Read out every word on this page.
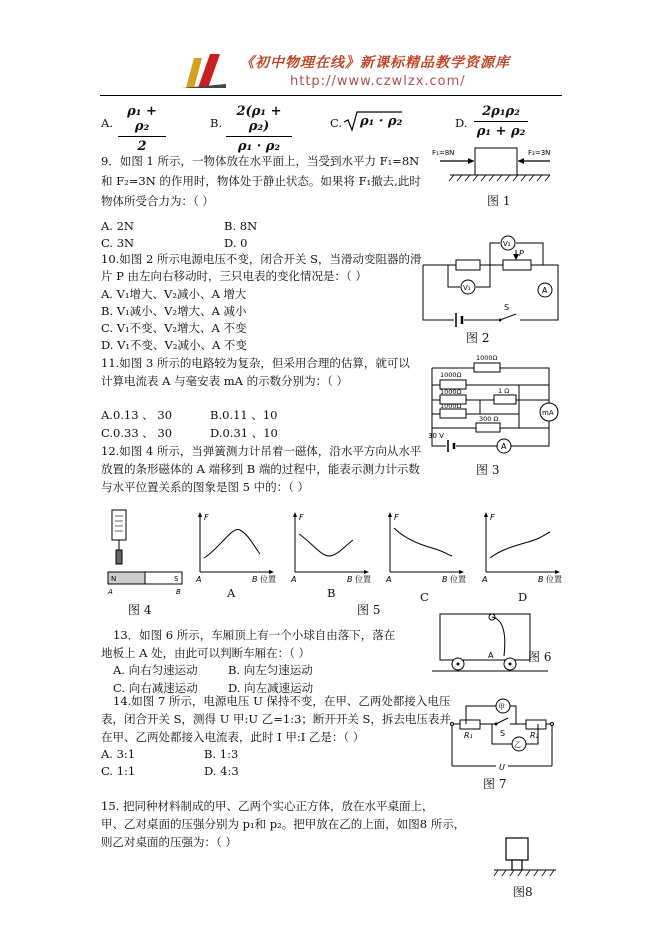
《初中物理在线》新课标精品教学资源库
http://www.czwlzx.com/
A.
ρ₁ + ρ₂
2
B.
2(ρ₁ + ρ₂)
ρ₁ · ρ₂
C. ρ₁ · ρ₂	D.
2ρ₁ρ₂
ρ₁ + ρ₂
9．如图 1 所示，一物体放在水平面上，当受到水平力 F₁=8N
和 F₂=3N 的作用时，物体处于静止状态。如果将 F₁撤去,此时
物体所受合力为：（ ）
A. 2N	B. 8N
C. 3N	D. 0
F₁=8N	F₂=3N
图 1
10.如图 2 所示电源电压不变，闭合开关 S，当滑动变阻器的滑
片 P 由左向右移动时，三只电表的变化情况是：（ ）
A. V₁增大、V₂减小、A 增大
B. V₁减小、V₂增大、A 减小
C. V₁不变、V₂增大、A 不变
D. V₁不变、V₂减小、A 不变
P
V₂
V₁	A
S
图 2
11.如图 3 所示的电路较为复杂，但采用合理的估算，就可以
计算电流表 A 与毫安表 mA 的示数分别为：（ ）
A.0.13 、 30	B.0.11 、10
C.0.33 、 30	D.0.31 、10
1000Ω
1000Ω
1000Ω	1 Ω
1000Ω
300 Ω
mA
30 V
A
图 3
12.如图 4 所示，当弹簧测力计吊着一磁体，沿水平方向从水平
放置的条形磁体的 A 端移到 B 端的过程中，能表示测力计示数
与水平位置关系的图象是图 5 中的：（ ）
N	S
A	B
图 4
F
A	B 位置
A
F
A	B 位置
B
F
A	B 位置
C
F
A	B 位置
D
图 5
13．如图 6 所示，车厢顶上有一个小球自由落下，落在
地板上 A 处，由此可以判断车厢在：（ ）
A. 向右匀速运动	B. 向左匀速运动
C. 向右减速运动	D. 向左减速运动
A	图 6
14.如图 7 所示，电源电压 U 保持不变，在甲、乙两处都接入电压
表，闭合开关 S，测得 U 甲:U 乙=1:3；断开开关 S，拆去电压表并
在甲、乙两处都接入电流表，此时 I 甲:I 乙是：（ ）
A. 3:1	B. 1:3
C. 1:1	D. 4:3
R₁	R₂
S
甲
乙
U
图 7
15. 把同种材料制成的甲、乙两个实心正方体，放在水平桌面上，
甲、乙对桌面的压强分别为 p₁和 p₂。把甲放在乙的上面，如图8 所示，
则乙对桌面的压强为：（ ）
图8
